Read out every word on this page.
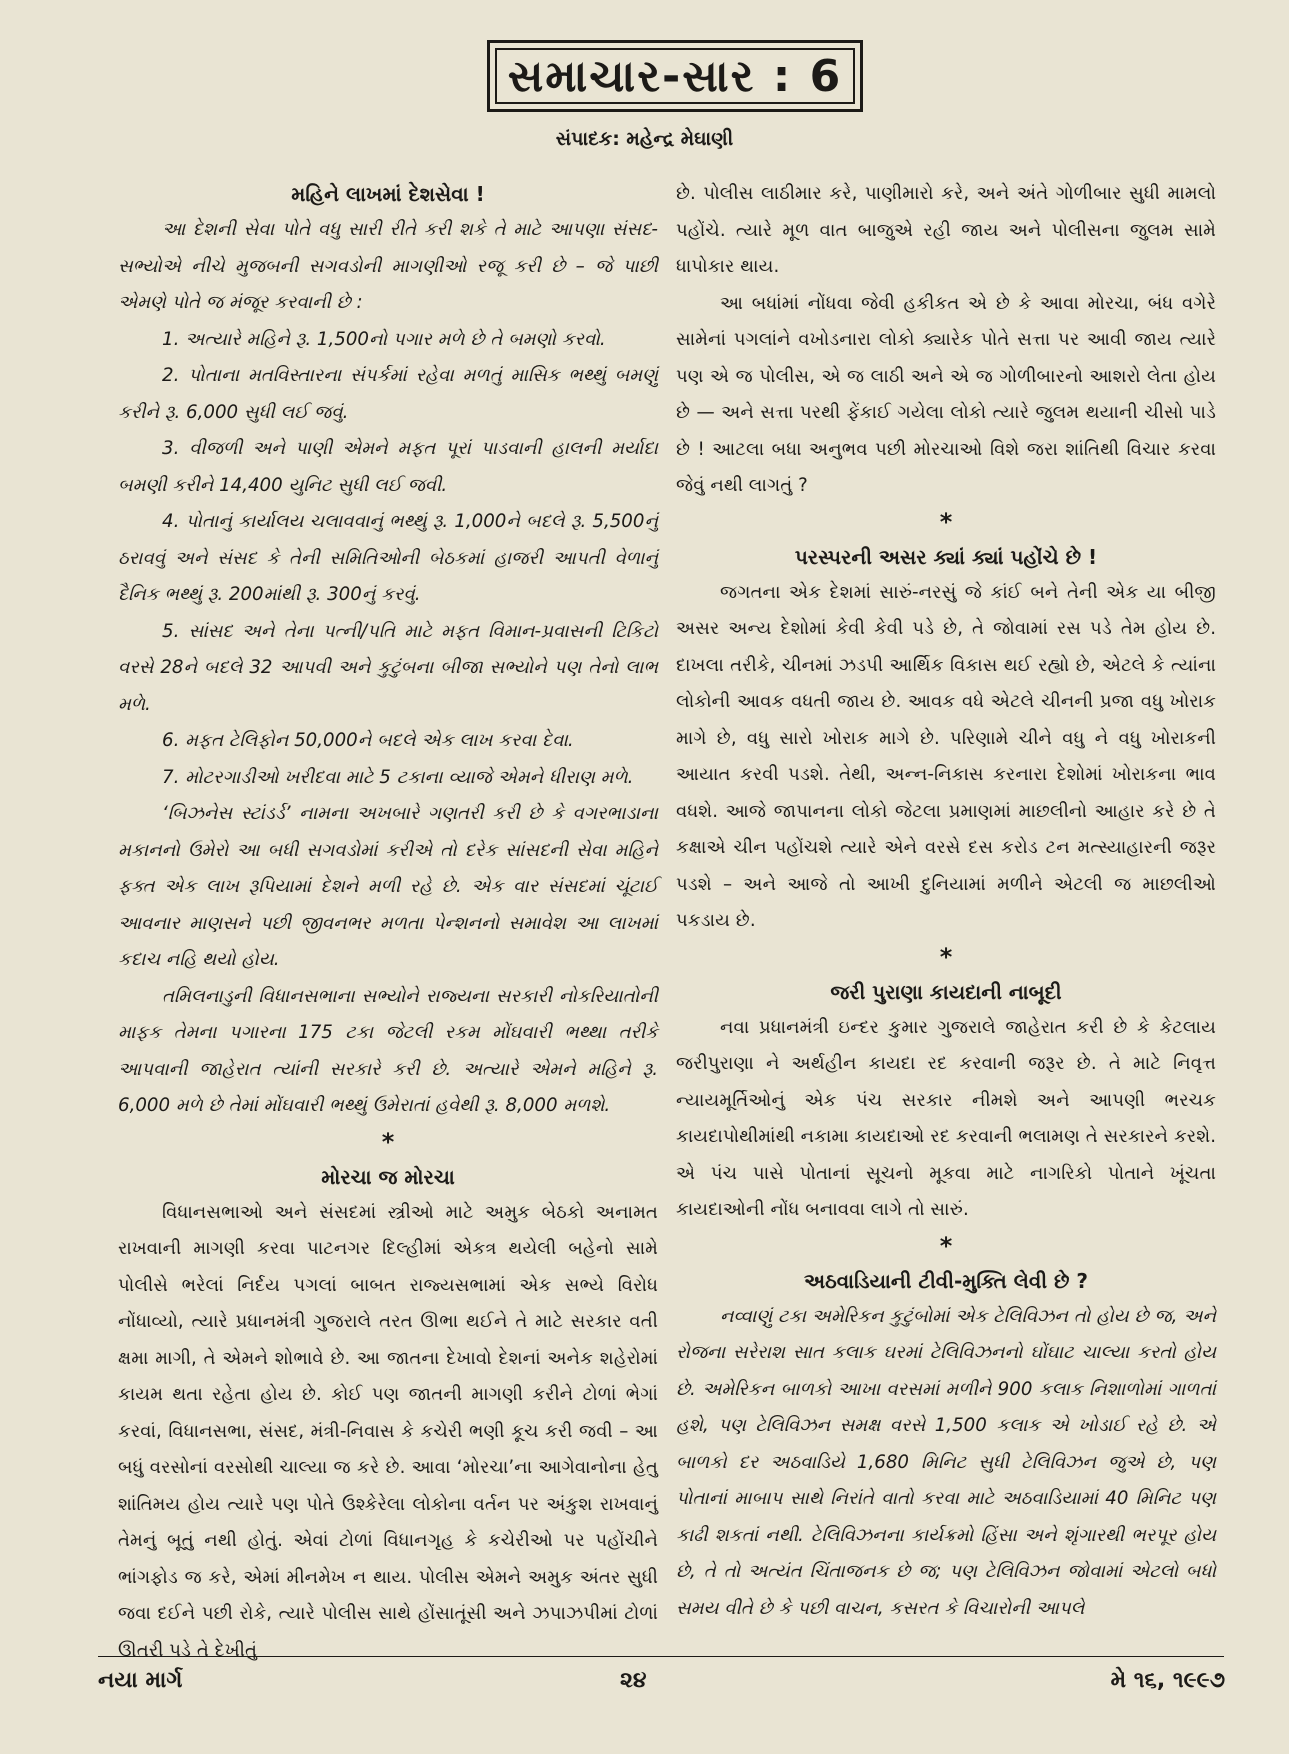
સમાચાર-સાર : 6
સંપાદક: મહેન્દ્ર મેઘાણી
મહિને લાખમાં દેશસેવા !

આ દેશની સેવા પોતે વધુ સારી રીતે કરી શકે તે માટે આપણા સંસદ-સભ્યોએ નીચે મુજબની સગવડોની માગણીઓ રજૂ કરી છે – જે પાછી એમણે પોતે જ મંજૂર કરવાની છે :

1. અત્યારે મહિને રૂ. 1,500નો પગાર મળે છે તે બમણો કરવો.

2. પોતાના મતવિસ્તારના સંપર્કમાં રહેવા મળતું માસિક ભથ્થું બમણું કરીને રૂ. 6,000 સુધી લઈ જવું.

3. વીજળી અને પાણી એમને મફત પૂરાં પાડવાની હાલની મર્યાદા બમણી કરીને 14,400 યુનિટ સુધી લઈ જવી.

4. પોતાનું કાર્યાલય ચલાવવાનું ભથ્થું રૂ. 1,000ને બદલે રૂ. 5,500નું ઠરાવવું અને સંસદ કે તેની સમિતિઓની બેઠકમાં હાજરી આપતી વેળાનું દૈનિક ભથ્થું રૂ. 200માંથી રૂ. 300નું કરવું.

5. સાંસદ અને તેના પત્ની/પતિ માટે મફત વિમાન-પ્રવાસની ટિકિટો વરસે 28ને બદલે 32 આપવી અને કુટુંબના બીજા સભ્યોને પણ તેનો લાભ મળે.

6. મફત ટેલિફોન 50,000ને બદલે એક લાખ કરવા દેવા.

7. મોટરગાડીઓ ખરીદવા માટે 5 ટકાના વ્યાજે એમને ધીરાણ મળે.

‘બિઝનેસ સ્ટાંડર્ડ’ નામના અખબારે ગણતરી કરી છે કે વગરભાડાના મકાનનો ઉમેરો આ બધી સગવડોમાં કરીએ તો દરેક સાંસદની સેવા મહિને ફક્ત એક લાખ રૂપિયામાં દેશને મળી રહે છે. એક વાર સંસદમાં ચૂંટાઈ આવનાર માણસને પછી જીવનભર મળતા પેન્શનનો સમાવેશ આ લાખમાં કદાચ નહિ થયો હોય.

તમિલનાડુની વિધાનસભાના સભ્યોને રાજ્યના સરકારી નોકરિયાતોની માફક તેમના પગારના 175 ટકા જેટલી રકમ મોંઘવારી ભથ્થા તરીકે આપવાની જાહેરાત ત્યાંની સરકારે કરી છે. અત્યારે એમને મહિને રૂ. 6,000 મળે છે તેમાં મોંઘવારી ભથ્થું ઉમેરાતાં હવેથી રૂ. 8,000 મળશે.

*
મોરચા જ મોરચા

વિધાનસભાઓ અને સંસદમાં સ્ત્રીઓ માટે અમુક બેઠકો અનામત રાખવાની માગણી કરવા પાટનગર દિલ્હીમાં એકત્ર થયેલી બહેનો સામે પોલીસે ભરેલાં નિર્દય પગલાં બાબત રાજ્યસભામાં એક સભ્યે વિરોધ નોંધાવ્યો, ત્યારે પ્રધાનમંત્રી ગુજરાલે તરત ઊભા થઈને તે માટે સરકાર વતી ક્ષમા માગી, તે એમને શોભાવે છે. આ જાતના દેખાવો દેશનાં અનેક શહેરોમાં કાયમ થતા રહેતા હોય છે. કોઈ પણ જાતની માગણી કરીને ટોળાં ભેગાં કરવાં, વિધાનસભા, સંસદ, મંત્રી-નિવાસ કે કચેરી ભણી કૂચ કરી જવી – આ બધું વરસોનાં વરસોથી ચાલ્યા જ કરે છે. આવા ‘મોરચા’ના આગેવાનોના હેતુ શાંતિમય હોય ત્યારે પણ પોતે ઉશ્કેરેલા લોકોના વર્તન પર અંકુશ રાખવાનું તેમનું બૂતું નથી હોતું. એવાં ટોળાં વિધાનગૃહ કે કચેરીઓ પર પહોંચીને ભાંગફોડ જ કરે, એમાં મીનમેખ ન થાય. પોલીસ એમને અમુક અંતર સુધી જવા દઈને પછી રોકે, ત્યારે પોલીસ સાથે હોંસાતૂંસી અને ઝપાઝપીમાં ટોળાં ઊતરી પડે તે દેખીતું

છે. પોલીસ લાઠીમાર કરે, પાણીમારો કરે, અને અંતે ગોળીબાર સુધી મામલો પહોંચે. ત્યારે મૂળ વાત બાજુએ રહી જાય અને પોલીસના જુલમ સામે ધાપોકાર થાય.

આ બધાંમાં નોંધવા જેવી હકીકત એ છે કે આવા મોરચા, બંધ વગેરે સામેનાં પગલાંને વખોડનારા લોકો ક્યારેક પોતે સત્તા પર આવી જાય ત્યારે પણ એ જ પોલીસ, એ જ લાઠી અને એ જ ગોળીબારનો આશરો લેતા હોય છે — અને સત્તા પરથી ફેંકાઈ ગયેલા લોકો ત્યારે જુલમ થયાની ચીસો પાડે છે ! આટલા બધા અનુભવ પછી મોરચાઓ વિશે જરા શાંતિથી વિચાર કરવા જેવું નથી લાગતું ?

*
પરસ્પરની અસર ક્યાં ક્યાં પહોંચે છે !

જગતના એક દેશમાં સારું-નરસું જે કાંઈ બને તેની એક યા બીજી અસર અન્ય દેશોમાં કેવી કેવી પડે છે, તે જોવામાં રસ પડે તેમ હોય છે. દાખલા તરીકે, ચીનમાં ઝડપી આર્થિક વિકાસ થઈ રહ્યો છે, એટલે કે ત્યાંના લોકોની આવક વધતી જાય છે. આવક વધે એટલે ચીનની પ્રજા વધુ ખોરાક માગે છે, વધુ સારો ખોરાક માગે છે. પરિણામે ચીને વધુ ને વધુ ખોરાકની આયાત કરવી પડશે. તેથી, અન્ન-નિકાસ કરનારા દેશોમાં ખોરાકના ભાવ વધશે. આજે જાપાનના લોકો જેટલા પ્રમાણમાં માછલીનો આહાર કરે છે તે કક્ષાએ ચીન પહોંચશે ત્યારે એને વરસે દસ કરોડ ટન મત્સ્યાહારની જરૂર પડશે – અને આજે તો આખી દુનિયામાં મળીને એટલી જ માછલીઓ પકડાય છે.

*
જરી પુરાણા કાયદાની નાબૂદી

નવા પ્રધાનમંત્રી ઇન્દર કુમાર ગુજરાલે જાહેરાત કરી છે કે કેટલાય જરીપુરાણા ને અર્થહીન કાયદા રદ કરવાની જરૂર છે. તે માટે નિવૃત્ત ન્યાયમૂર્તિઓનું એક પંચ સરકાર નીમશે અને આપણી ભરચક કાયદાપોથીમાંથી નકામા કાયદાઓ રદ કરવાની ભલામણ તે સરકારને કરશે. એ પંચ પાસે પોતાનાં સૂચનો મૂકવા માટે નાગરિકો પોતાને ખૂંચતા કાયદાઓની નોંધ બનાવવા લાગે તો સારું.

*
અઠવાડિયાની ટીવી-મુક્તિ લેવી છે ?

નવ્વાણું ટકા અમેરિકન કુટુંબોમાં એક ટેલિવિઝન તો હોય છે જ, અને રોજના સરેરાશ સાત કલાક ઘરમાં ટેલિવિઝનનો ઘોંઘાટ ચાલ્યા કરતો હોય છે. અમેરિકન બાળકો આખા વરસમાં મળીને 900 કલાક નિશાળોમાં ગાળતાં હશે, પણ ટેલિવિઝન સમક્ષ વરસે 1,500 કલાક એ ખોડાઈ રહે છે. એ બાળકો દર અઠવાડિયે 1,680 મિનિટ સુધી ટેલિવિઝન જુએ છે, પણ પોતાનાં માબાપ સાથે નિરાંતે વાતો કરવા માટે અઠવાડિયામાં 40 મિનિટ પણ કાઢી શકતાં નથી. ટેલિવિઝનના કાર્યક્રમો હિંસા અને શૃંગારથી ભરપૂર હોય છે, તે તો અત્યંત ચિંતાજનક છે જ; પણ ટેલિવિઝન જોવામાં એટલો બધો સમય વીતે છે કે પછી વાચન, કસરત કે વિચારોની આપલે

નયા માર્ગ	૨૪	મે ૧૬, ૧૯૯૭
